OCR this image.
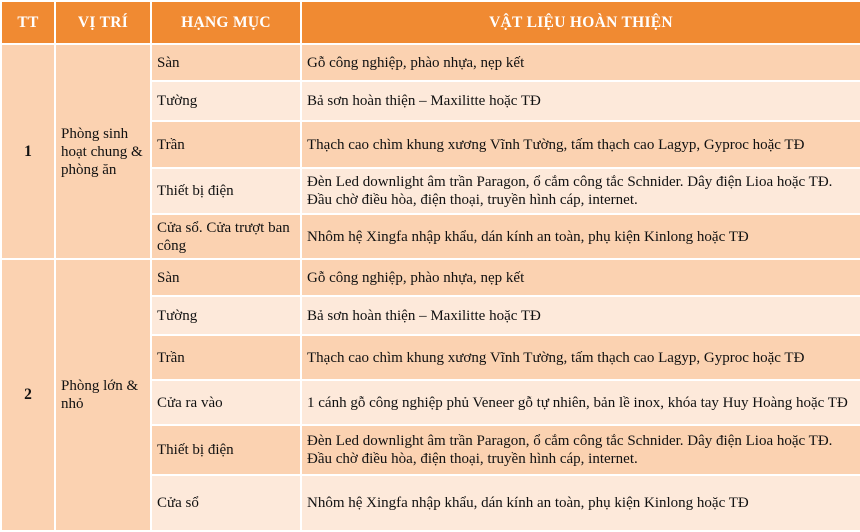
TT	VỊ TRÍ	HẠNG MỤC	VẬT LIỆU HOÀN THIỆN
1	Phòng sinh hoạt chung & phòng ăn	Sàn	Gỗ công nghiệp, phào nhựa, nẹp kết
		Tường	Bả sơn hoàn thiện – Maxilitte hoặc TĐ
		Trần	Thạch cao chìm khung xương Vĩnh Tường, tấm thạch cao Lagyp, Gyproc hoặc TĐ
		Thiết bị điện	Đèn Led downlight âm trần Paragon, ổ cắm công tắc Schnider. Dây điện Lioa hoặc TĐ. Đầu chờ điều hòa, điện thoại, truyền hình cáp, internet.
		Cửa sổ. Cửa trượt ban công	Nhôm hệ Xingfa nhập khẩu, dán kính an toàn, phụ kiện Kinlong hoặc TĐ
2	Phòng lớn & nhỏ	Sàn	Gỗ công nghiệp, phào nhựa, nẹp kết
		Tường	Bả sơn hoàn thiện – Maxilitte hoặc TĐ
		Trần	Thạch cao chìm khung xương Vĩnh Tường, tấm thạch cao Lagyp, Gyproc hoặc TĐ
		Cửa ra vào	1 cánh gỗ công nghiệp phủ Veneer gỗ tự nhiên, bản lề inox, khóa tay Huy Hoàng hoặc TĐ
		Thiết bị điện	Đèn Led downlight âm trần Paragon, ổ cắm công tắc Schnider. Dây điện Lioa hoặc TĐ. Đầu chờ điều hòa, điện thoại, truyền hình cáp, internet.
		Cửa sổ	Nhôm hệ Xingfa nhập khẩu, dán kính an toàn, phụ kiện Kinlong hoặc TĐ
